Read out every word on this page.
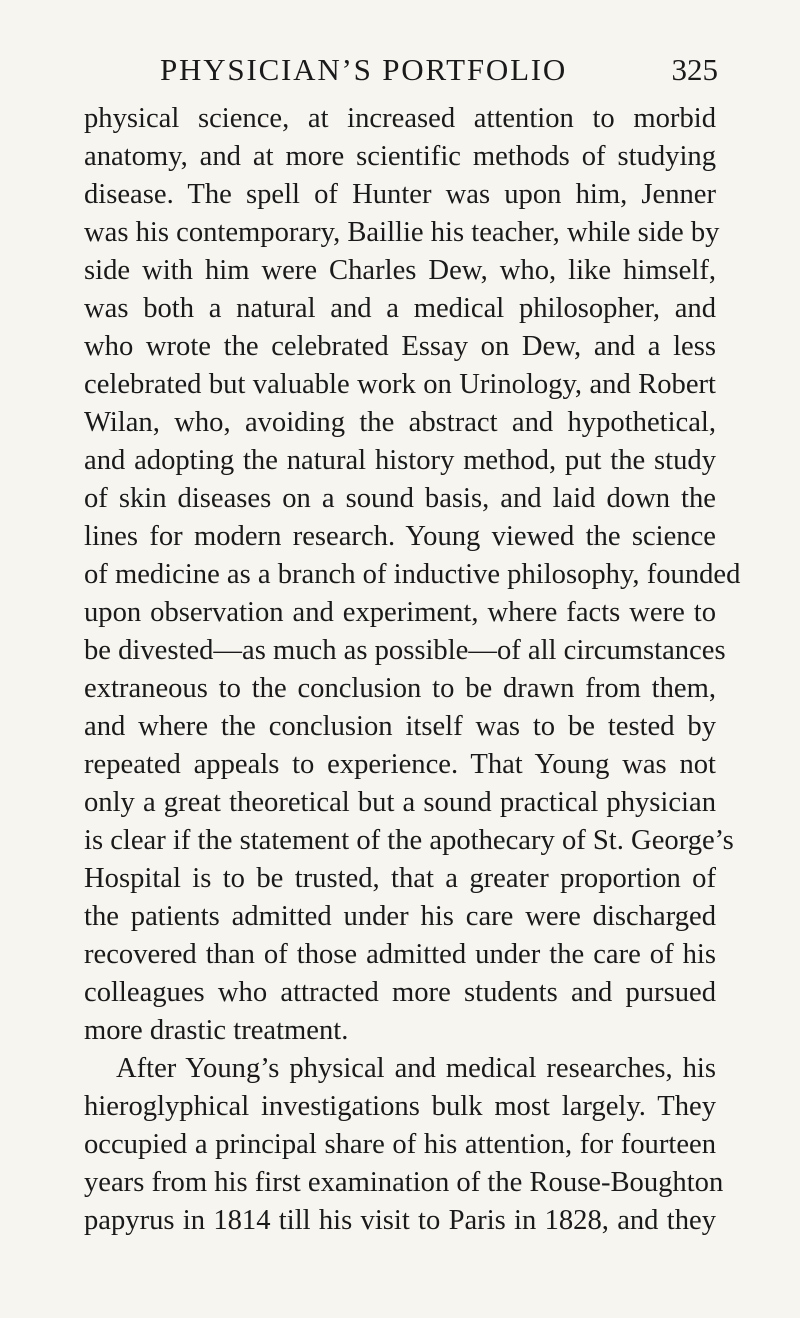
PHYSICIAN’S PORTFOLIO	325
physical science, at increased attention to morbid
anatomy, and at more scientific methods of studying
disease. The spell of Hunter was upon him, Jenner
was his contemporary, Baillie his teacher, while side by
side with him were Charles Dew, who, like himself,
was both a natural and a medical philosopher, and
who wrote the celebrated Essay on Dew, and a less
celebrated but valuable work on Urinology, and Robert
Wilan, who, avoiding the abstract and hypothetical,
and adopting the natural history method, put the study
of skin diseases on a sound basis, and laid down the
lines for modern research. Young viewed the science
of medicine as a branch of inductive philosophy, founded
upon observation and experiment, where facts were to
be divested—as much as possible—of all circumstances
extraneous to the conclusion to be drawn from them,
and where the conclusion itself was to be tested by
repeated appeals to experience. That Young was not
only a great theoretical but a sound practical physician
is clear if the statement of the apothecary of St. George’s
Hospital is to be trusted, that a greater proportion of
the patients admitted under his care were discharged
recovered than of those admitted under the care of his
colleagues who attracted more students and pursued
more drastic treatment.
After Young’s physical and medical researches, his
hieroglyphical investigations bulk most largely. They
occupied a principal share of his attention, for fourteen
years from his first examination of the Rouse-Boughton
papyrus in 1814 till his visit to Paris in 1828, and they
